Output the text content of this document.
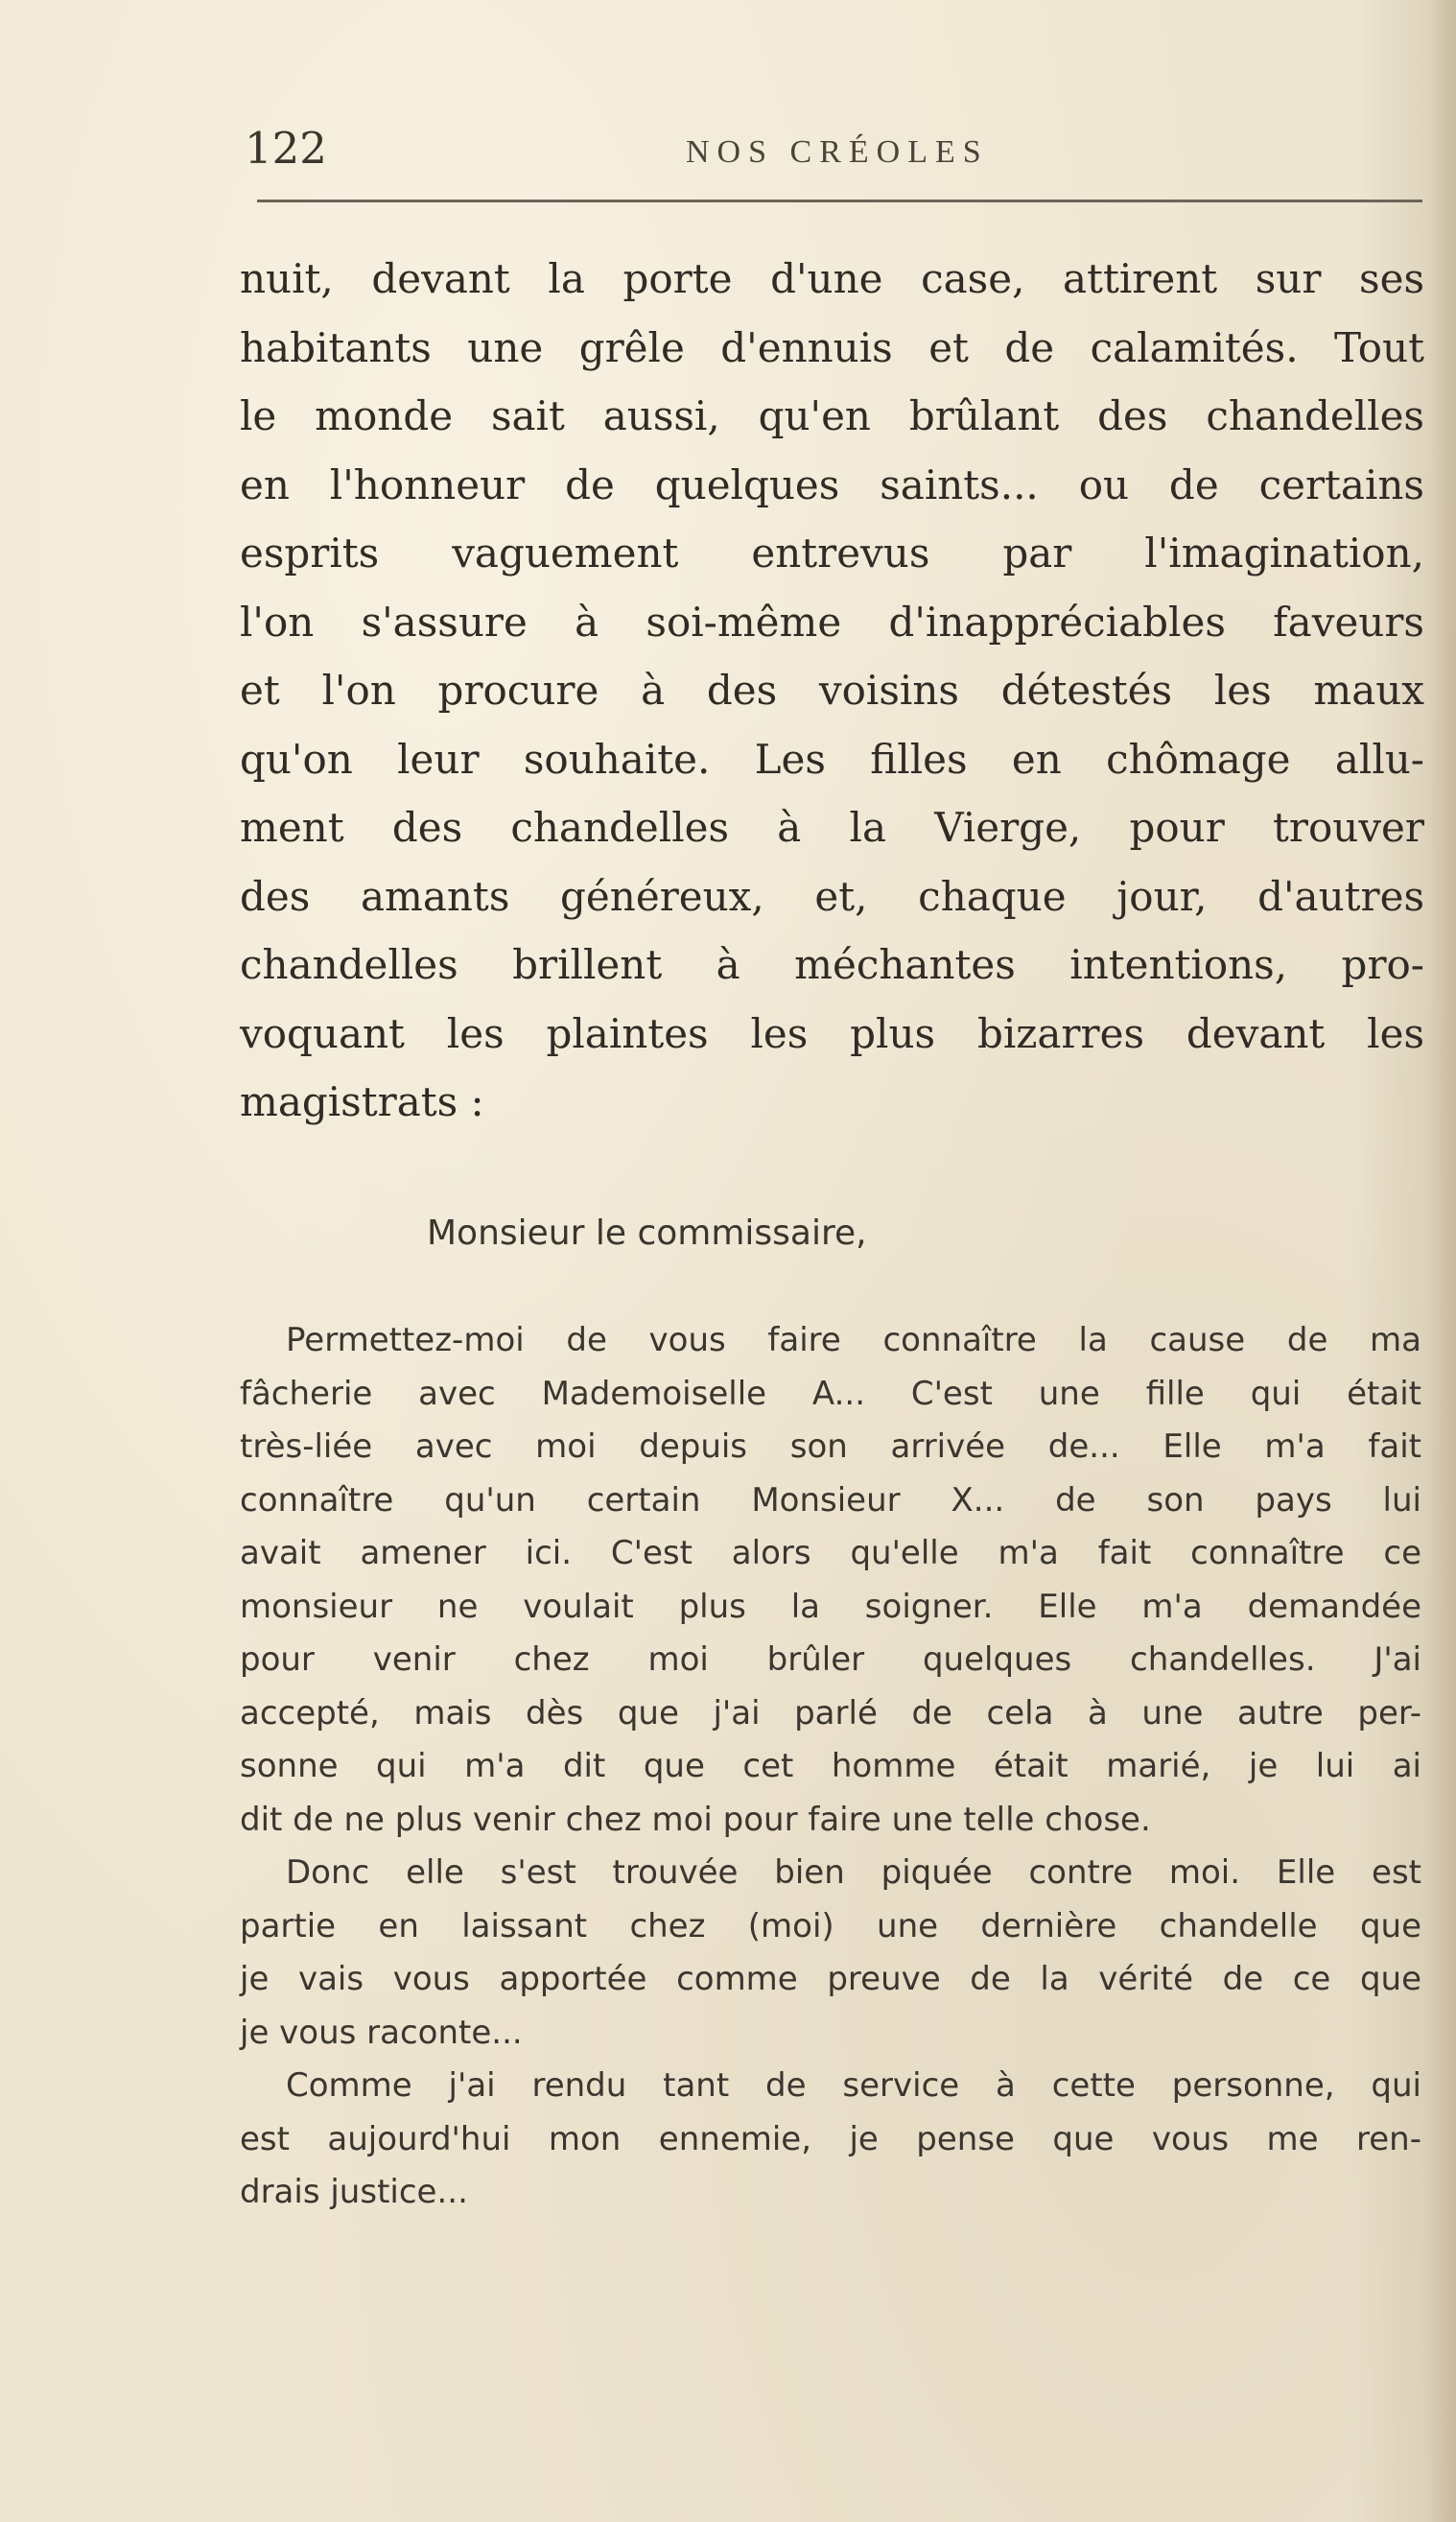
122	NOS CRÉOLES
nuit, devant la porte d'une case, attirent sur ses
habitants une grêle d'ennuis et de calamités. Tout
le monde sait aussi, qu'en brûlant des chandelles
en l'honneur de quelques saints... ou de certains
esprits vaguement entrevus par l'imagination,
l'on s'assure à soi-même d'inappréciables faveurs
et l'on procure à des voisins détestés les maux
qu'on leur souhaite. Les filles en chômage allu-
ment des chandelles à la Vierge, pour trouver
des amants généreux, et, chaque jour, d'autres
chandelles brillent à méchantes intentions, pro-
voquant les plaintes les plus bizarres devant les
magistrats :
Monsieur le commissaire,
Permettez-moi de vous faire connaître la cause de ma
fâcherie avec Mademoiselle A... C'est une fille qui était
très-liée avec moi depuis son arrivée de... Elle m'a fait
connaître qu'un certain Monsieur X... de son pays lui
avait amener ici. C'est alors qu'elle m'a fait connaître ce
monsieur ne voulait plus la soigner. Elle m'a demandée
pour venir chez moi brûler quelques chandelles. J'ai
accepté, mais dès que j'ai parlé de cela à une autre per-
sonne qui m'a dit que cet homme était marié, je lui ai
dit de ne plus venir chez moi pour faire une telle chose.
Donc elle s'est trouvée bien piquée contre moi. Elle est
partie en laissant chez (moi) une dernière chandelle que
je vais vous apportée comme preuve de la vérité de ce que
je vous raconte...
Comme j'ai rendu tant de service à cette personne, qui
est aujourd'hui mon ennemie, je pense que vous me ren-
drais justice...
